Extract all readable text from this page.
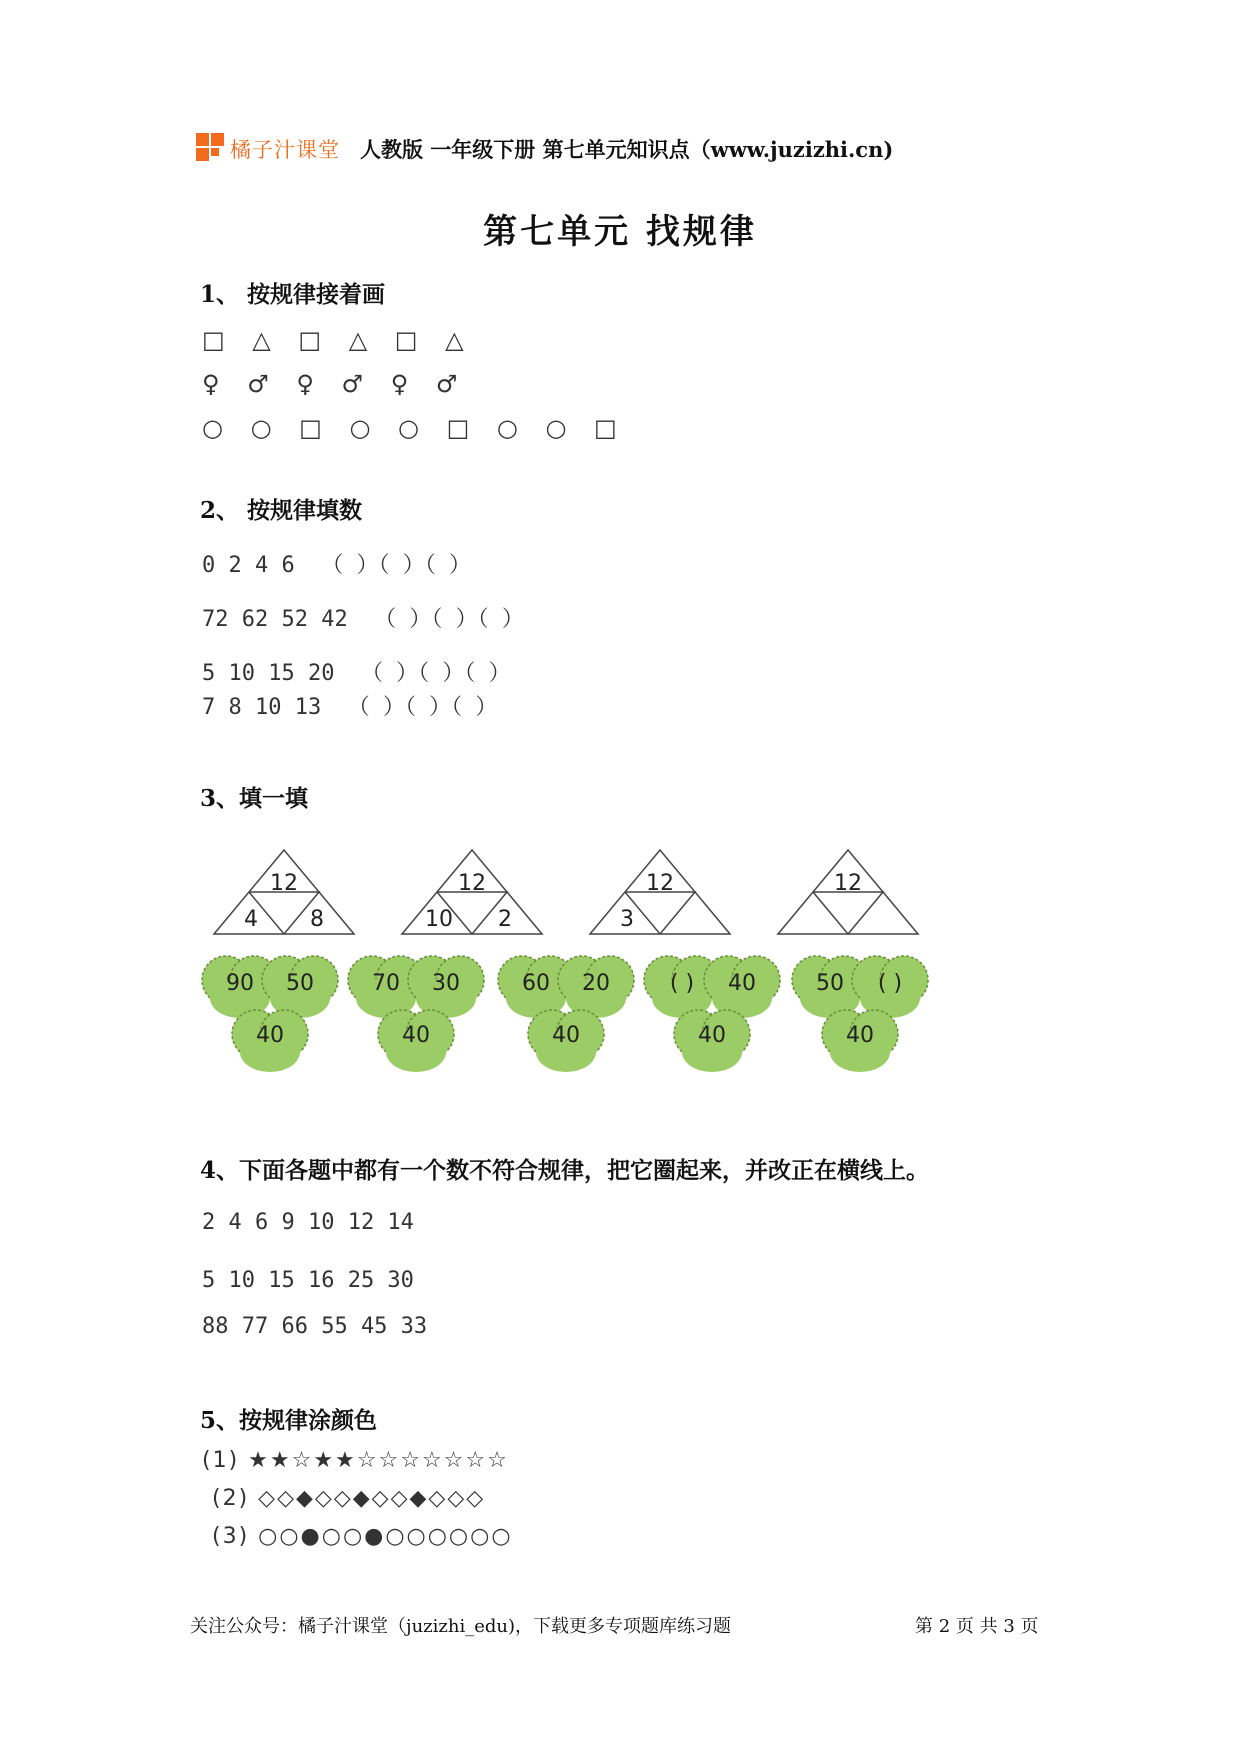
橘子汁课堂 人教版 一年级下册 第七单元知识点（www.juzizhi.cn)
第七单元 找规律
1、 按规律接着画
□ △ □ △ □ △
♀ ♂ ♀ ♂ ♀ ♂
○ ○ □ ○ ○ □ ○ ○ □
2、 按规律填数
0 2 4 6  （ ）（ ）（ ）
72 62 52 42  （ ）（ ）（ ）
5 10 15 20  （ ）（ ）（ ）
7 8 10 13  （ ）（ ）（ ）
3、填一填
12
4 8
12
10 2
12
3
12
90 50
40
70 30
40
60 20
40
( ) 40
40
50 ( )
40
4、下面各题中都有一个数不符合规律，把它圈起来，并改正在横线上。
2 4 6 9 10 12 14
5 10 15 16 25 30
88 77 66 55 45 33
5、按规律涂颜色
(1) ★★☆★★☆☆☆☆☆☆☆
(2) ◇◇◆◇◇◆◇◇◆◇◇◇
(3) ○○●○○●○○○○○○
关注公众号：橘子汁课堂（juzizhi_edu)，下载更多专项题库练习题	第 2 页 共 3 页
